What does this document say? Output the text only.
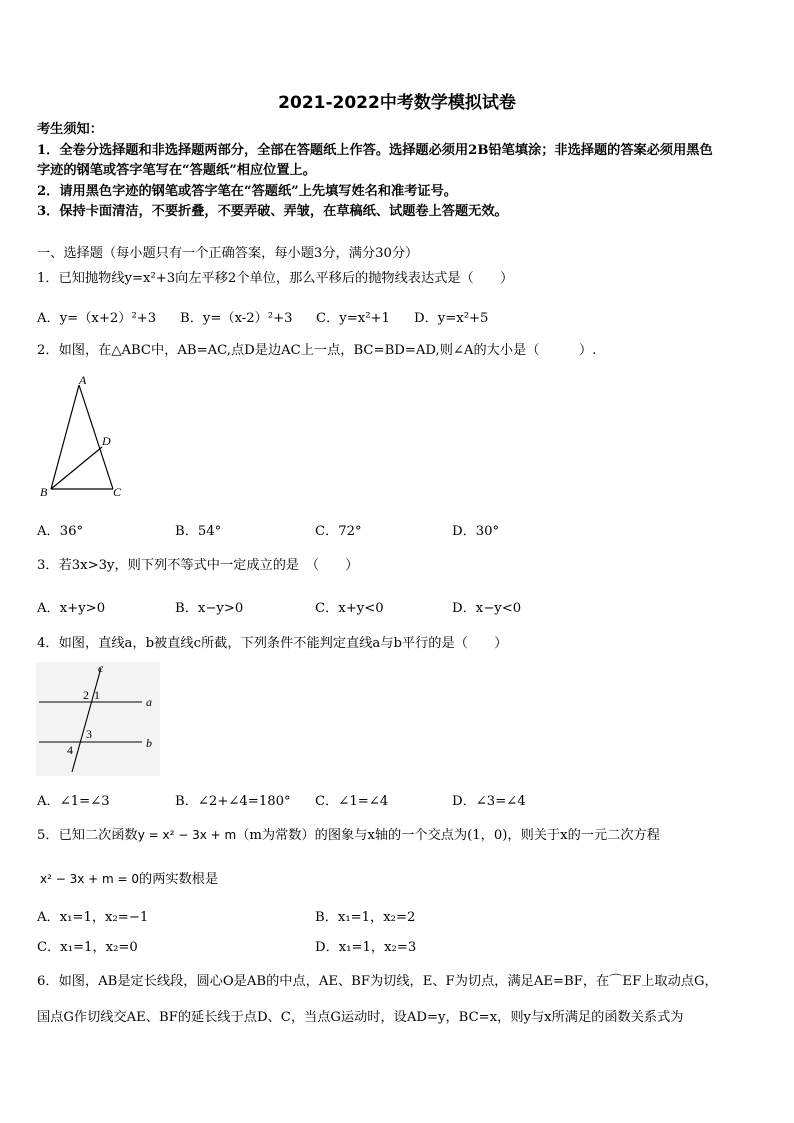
2021-2022中考数学模拟试卷
考生须知：
1．全卷分选择题和非选择题两部分，全部在答题纸上作答。选择题必须用2B铅笔填涂；非选择题的答案必须用黑色
字迹的钢笔或答字笔写在“答题纸”相应位置上。
2．请用黑色字迹的钢笔或答字笔在“答题纸”上先填写姓名和准考证号。
3．保持卡面清洁，不要折叠，不要弄破、弄皱，在草稿纸、试题卷上答题无效。
一、选择题（每小题只有一个正确答案，每小题3分，满分30分）
1．已知抛物线y=x²+3向左平移2个单位，那么平移后的抛物线表达式是（　　）
A．y=（x+2）²+3 B．y=（x-2）²+3 C．y=x²+1 D．y=x²+5
2．如图，在△ABC中，AB=AC,点D是边AC上一点，BC=BD=AD,则∠A的大小是（　　　）.
A
D
B	C
A．36°	B．54°	C．72°	D．30°
3．若3x>3y，则下列不等式中一定成立的是　（　　）
A．x+y>0	B．x−y>0	C．x+y<0	D．x−y<0
4．如图，直线a，b被直线c所截，下列条件不能判定直线a与b平行的是（　　）
c
2 1	a
3
4	b
A．∠1=∠3	B．∠2+∠4=180° C．∠1=∠4	D．∠3=∠4
5．已知二次函数y = x² − 3x + m（m为常数）的图象与x轴的一个交点为(1，0)，则关于x的一元二次方程
x² − 3x + m = 0的两实数根是
A．x₁=1，x₂=−1	B．x₁=1，x₂=2
C．x₁=1，x₂=0	D．x₁=1，x₂=3
6．如图，AB是定长线段，圆心O是AB的中点，AE、BF为切线，E、F为切点，满足AE=BF，在⌒EF上取动点G，
国点G作切线交AE、BF的延长线于点D、C，当点G运动时，设AD=y，BC=x，则y与x所满足的函数关系式为
